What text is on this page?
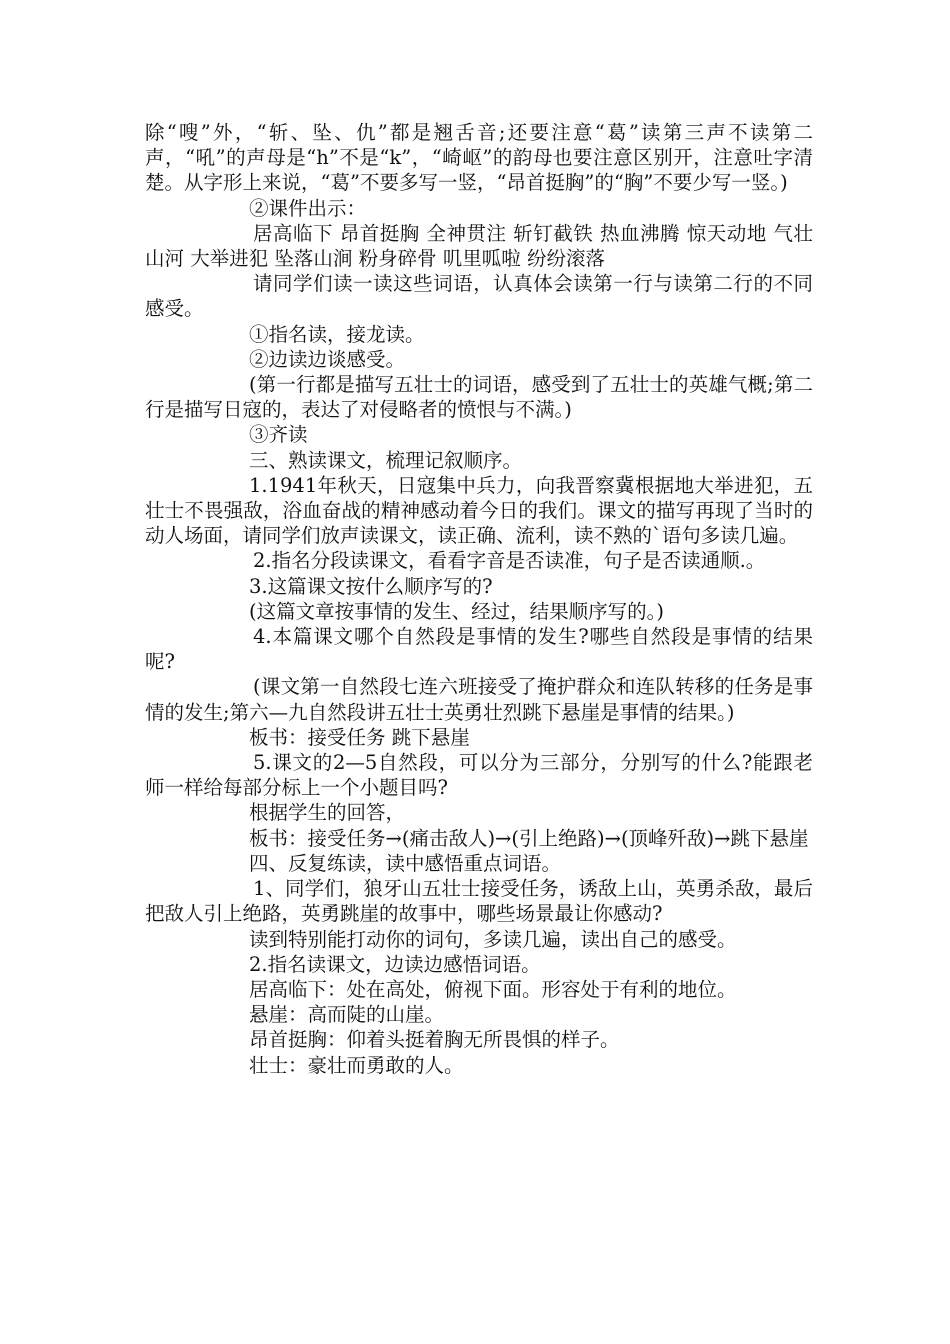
除“嗖”外，“斩、坠、仇”都是翘舌音;还要注意“葛”读第三声不读第二声，“吼”的声母是“h”不是“k”，“崎岖”的韵母也要注意区别开，注意吐字清楚。从字形上来说，“葛”不要多写一竖，“昂首挺胸”的“胸”不要少写一竖。)

②课件出示：

居高临下 昂首挺胸 全神贯注 斩钉截铁 热血沸腾 惊天动地 气壮山河 大举进犯 坠落山涧 粉身碎骨 叽里呱啦 纷纷滚落

请同学们读一读这些词语，认真体会读第一行与读第二行的不同感受。

①指名读，接龙读。

②边读边谈感受。

(第一行都是描写五壮士的词语，感受到了五壮士的英雄气概;第二行是描写日寇的，表达了对侵略者的愤恨与不满。)

③齐读

三、熟读课文，梳理记叙顺序。

1.1941年秋天，日寇集中兵力，向我晋察冀根据地大举进犯，五壮士不畏强敌，浴血奋战的精神感动着今日的我们。课文的描写再现了当时的动人场面，请同学们放声读课文，读正确、流利，读不熟的`语句多读几遍。

2.指名分段读课文，看看字音是否读准，句子是否读通顺.。

3.这篇课文按什么顺序写的?

(这篇文章按事情的发生、经过，结果顺序写的。)

4.本篇课文哪个自然段是事情的发生?哪些自然段是事情的结果呢?

(课文第一自然段七连六班接受了掩护群众和连队转移的任务是事情的发生;第六—九自然段讲五壮士英勇壮烈跳下悬崖是事情的结果。)

板书：接受任务 跳下悬崖

5.课文的2—5自然段，可以分为三部分，分别写的什么?能跟老师一样给每部分标上一个小题目吗?

根据学生的回答，

板书：接受任务→(痛击敌人)→(引上绝路)→(顶峰歼敌)→跳下悬崖

四、反复练读，读中感悟重点词语。

1、同学们，狼牙山五壮士接受任务，诱敌上山，英勇杀敌，最后把敌人引上绝路，英勇跳崖的故事中，哪些场景最让你感动?

读到特别能打动你的词句，多读几遍，读出自己的感受。

2.指名读课文，边读边感悟词语。

居高临下：处在高处，俯视下面。形容处于有利的地位。

悬崖：高而陡的山崖。

昂首挺胸：仰着头挺着胸无所畏惧的样子。

壮士：豪壮而勇敢的人。
